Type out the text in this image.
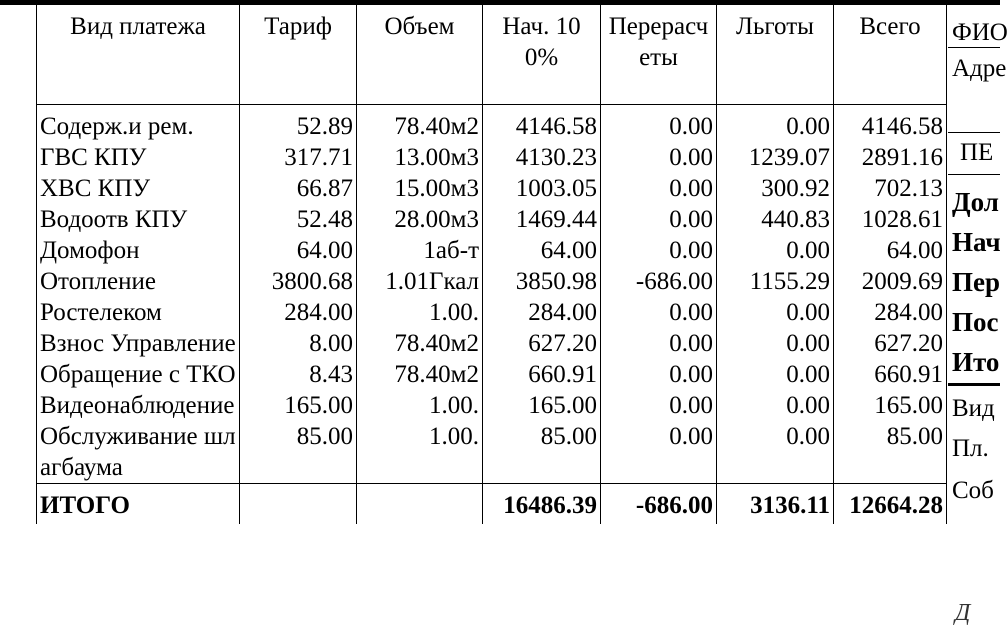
Вид платежа	Тариф	Объем	Нач. 100%	Перерасчеты	Льготы	Всего

Содерж.и рем.	52.89	78.40м2	4146.58	0.00	0.00	4146.58
ГВС КПУ	317.71	13.00м3	4130.23	0.00	1239.07	2891.16
ХВС КПУ	66.87	15.00м3	1003.05	0.00	300.92	702.13
Водоотв КПУ	52.48	28.00м3	1469.44	0.00	440.83	1028.61
Домофон	64.00	1аб-т	64.00	0.00	0.00	64.00
Отопление	3800.68	1.01Гкал	3850.98	-686.00	1155.29	2009.69
Ростелеком	284.00	1.00.	284.00	0.00	0.00	284.00
Взнос Управление	8.00	78.40м2	627.20	0.00	0.00	627.20
Обращение с ТКО	8.43	78.40м2	660.91	0.00	0.00	660.91
Видеонаблюдение	165.00	1.00.	165.00	0.00	0.00	165.00
Обслуживание шлагбаума	85.00	1.00.	85.00	0.00	0.00	85.00
ИТОГО			16486.39	-686.00	3136.11	12664.28
ФИО
Адре
ПЕ
Дол
Нач
Пер
Пос
Ито
Вид
Пл.
Соб
Д
